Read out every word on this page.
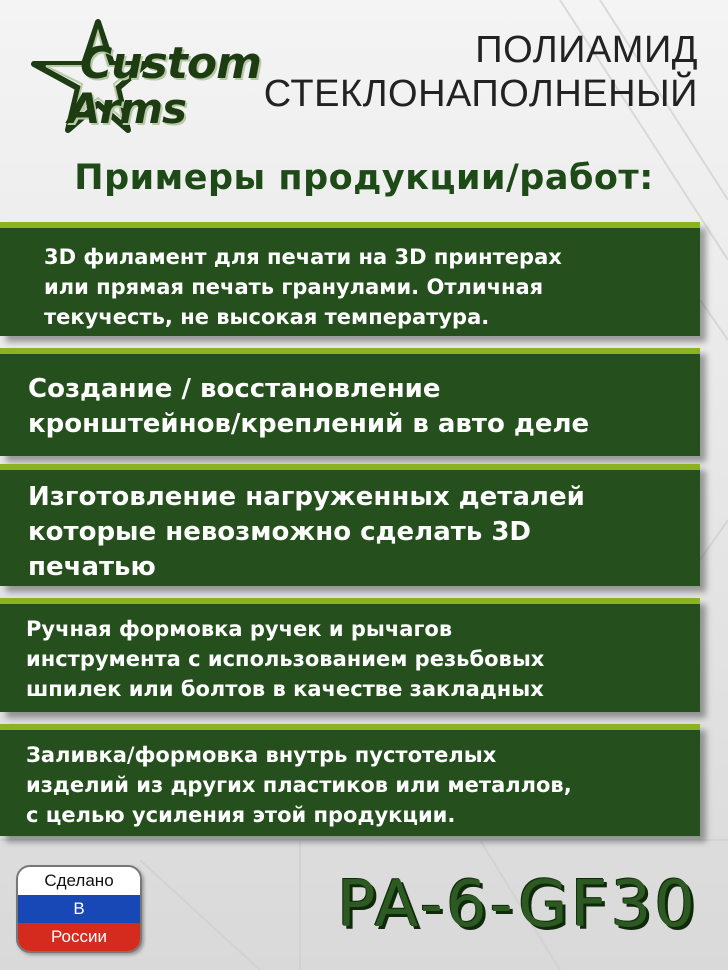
Custom
Arms
ПОЛИАМИД
СТЕКЛОНАПОЛНЕНЫЙ
Примеры продукции/работ:
3D филамент для печати на 3D принтерах
или прямая печать гранулами. Отличная
текучесть, не высокая температура.
Создание / восстановление
кронштейнов/креплений в авто деле
Изготовление нагруженных деталей
которые невозможно сделать 3D
печатью
Ручная формовка ручек и рычагов
инструмента с использованием резьбовых
шпилек или болтов в качестве закладных
Заливка/формовка внутрь пустотелых
изделий из других пластиков или металлов,
с целью усиления этой продукции.
Сделано
В
России	PA-6-GF30
